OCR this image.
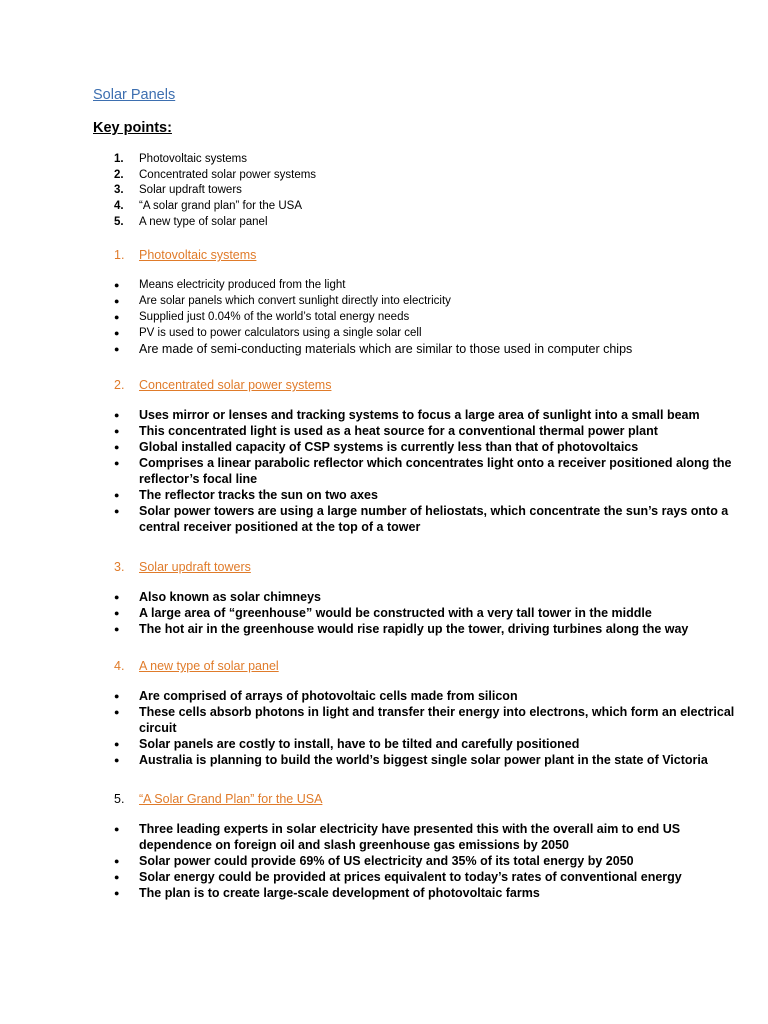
Solar Panels
Key points:
1.	Photovoltaic systems
2.	Concentrated solar power systems
3.	Solar updraft towers
4.	“A solar grand plan” for the USA
5.	A new type of solar panel
1.	Photovoltaic systems
●	Means electricity produced from the light
●	Are solar panels which convert sunlight directly into electricity
●	Supplied just 0.04% of the world’s total energy needs
●	PV is used to power calculators using a single solar cell
●	Are made of semi-conducting materials which are similar to those used in computer chips
2.	Concentrated solar power systems
●	Uses mirror or lenses and tracking systems to focus a large area of sunlight into a small beam
●	This concentrated light is used as a heat source for a conventional thermal power plant
●	Global installed capacity of CSP systems is currently less than that of photovoltaics
●	Comprises a linear parabolic reflector which concentrates light onto a receiver positioned along the reflector’s focal line
●	The reflector tracks the sun on two axes
●	Solar power towers are using a large number of heliostats, which concentrate the sun’s rays onto a central receiver positioned at the top of a tower
3.	Solar updraft towers
●	Also known as solar chimneys
●	A large area of “greenhouse” would be constructed with a very tall tower in the middle
●	The hot air in the greenhouse would rise rapidly up the tower, driving turbines along the way
4.	A new type of solar panel
●	Are comprised of arrays of photovoltaic cells made from silicon
●	These cells absorb photons in light and transfer their energy into electrons, which form an electrical circuit
●	Solar panels are costly to install, have to be tilted and carefully positioned
●	Australia is planning to build the world’s biggest single solar power plant in the state of Victoria
5.	“A Solar Grand Plan” for the USA
●	Three leading experts in solar electricity have presented this with the overall aim to end US dependence on foreign oil and slash greenhouse gas emissions by 2050
●	Solar power could provide 69% of US electricity and 35% of its total energy by 2050
●	Solar energy could be provided at prices equivalent to today’s rates of conventional energy
●	The plan is to create large-scale development of photovoltaic farms
